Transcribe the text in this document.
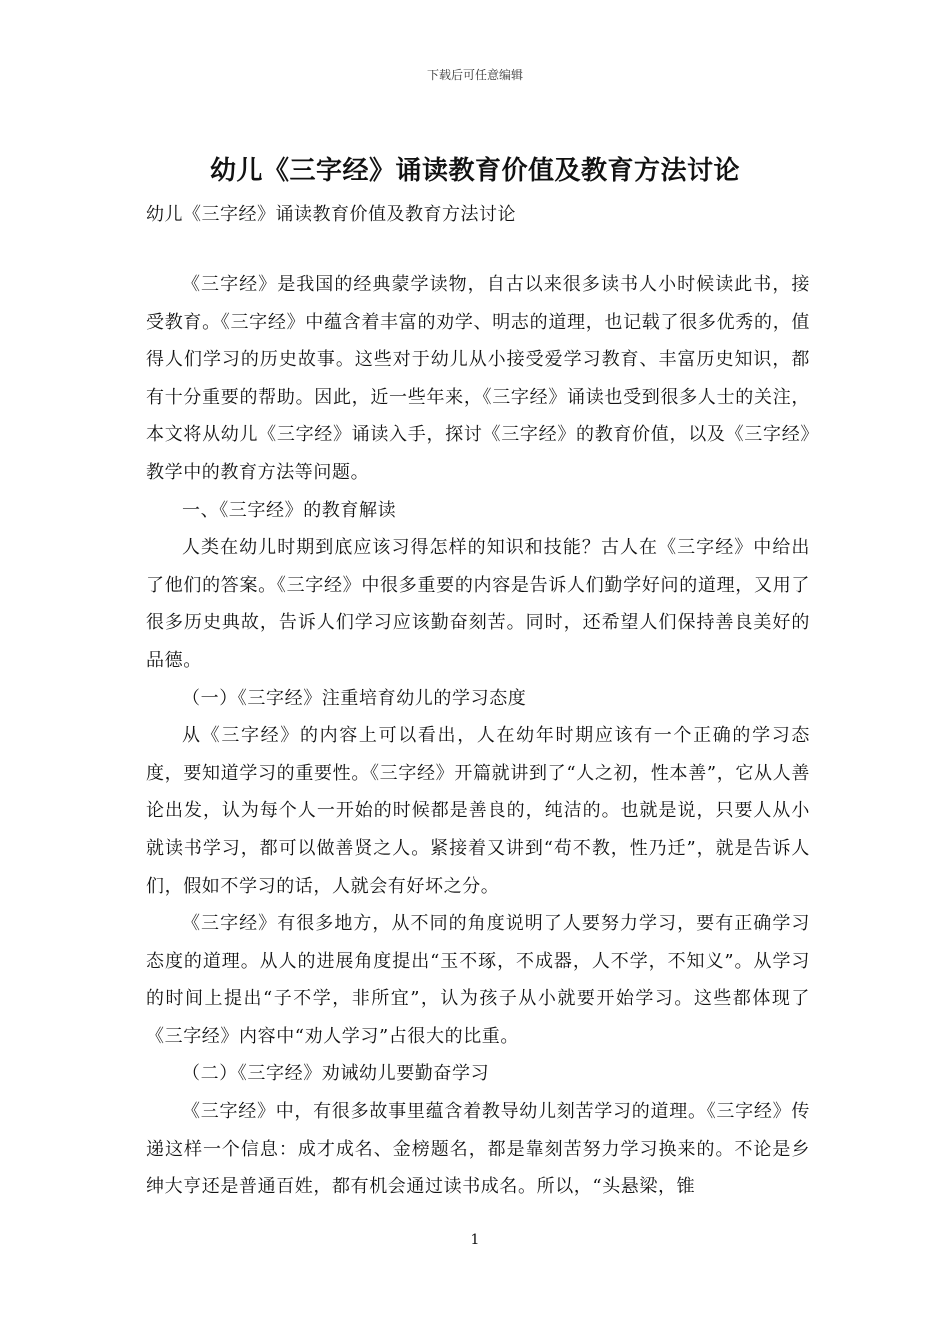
下载后可任意编辑
幼儿《三字经》诵读教育价值及教育方法讨论
幼儿《三字经》诵读教育价值及教育方法讨论

《三字经》是我国的经典蒙学读物，自古以来很多读书人小时候读此书，接受教育。《三字经》中蕴含着丰富的劝学、明志的道理，也记载了很多优秀的，值得人们学习的历史故事。这些对于幼儿从小接受爱学习教育、丰富历史知识，都有十分重要的帮助。因此，近一些年来，《三字经》诵读也受到很多人士的关注，本文将从幼儿《三字经》诵读入手，探讨《三字经》的教育价值，以及《三字经》教学中的教育方法等问题。

一、《三字经》的教育解读

人类在幼儿时期到底应该习得怎样的知识和技能？古人在《三字经》中给出了他们的答案。《三字经》中很多重要的内容是告诉人们勤学好问的道理，又用了很多历史典故，告诉人们学习应该勤奋刻苦。同时，还希望人们保持善良美好的品德。

（一）《三字经》注重培育幼儿的学习态度

从《三字经》的内容上可以看出，人在幼年时期应该有一个正确的学习态度，要知道学习的重要性。《三字经》开篇就讲到了“人之初，性本善”，它从人善论出发，认为每个人一开始的时候都是善良的，纯洁的。也就是说，只要人从小就读书学习，都可以做善贤之人。紧接着又讲到“苟不教，性乃迁”，就是告诉人们，假如不学习的话，人就会有好坏之分。

《三字经》有很多地方，从不同的角度说明了人要努力学习，要有正确学习态度的道理。从人的进展角度提出“玉不琢，不成器，人不学，不知义”。从学习的时间上提出“子不学，非所宜”，认为孩子从小就要开始学习。这些都体现了《三字经》内容中“劝人学习”占很大的比重。

（二）《三字经》劝诫幼儿要勤奋学习

《三字经》中，有很多故事里蕴含着教导幼儿刻苦学习的道理。《三字经》传递这样一个信息：成才成名、金榜题名，都是靠刻苦努力学习换来的。不论是乡绅大亨还是普通百姓，都有机会通过读书成名。所以，“头悬梁，锥

1
